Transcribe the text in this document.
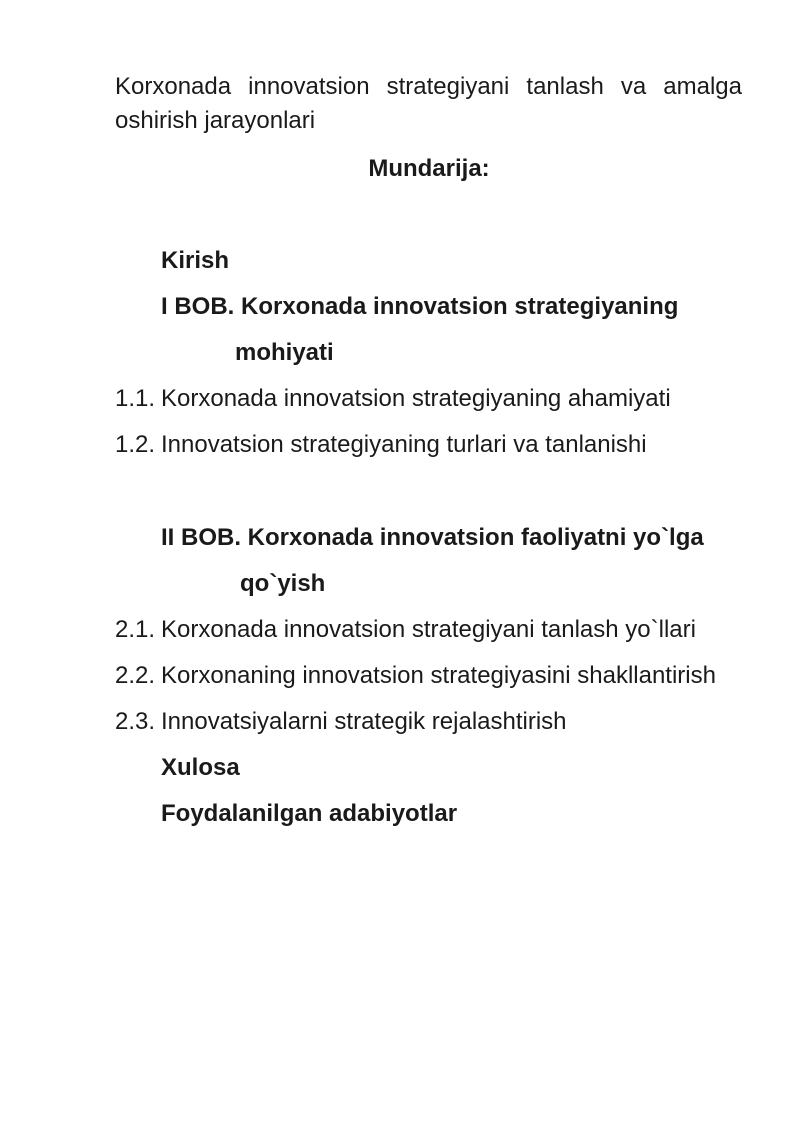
Korxonada innovatsion strategiyani tanlash va amalga oshirish jarayonlari

Mundarija:

Kirish

I BOB. Korxonada innovatsion strategiyaning

mohiyati

1.1. Korxonada innovatsion strategiyaning ahamiyati

1.2. Innovatsion strategiyaning turlari va tanlanishi

II BOB. Korxonada innovatsion faoliyatni yo`lga

qo`yish

2.1. Korxonada innovatsion strategiyani tanlash yo`llari

2.2. Korxonaning innovatsion strategiyasini shakllantirish

2.3. Innovatsiyalarni strategik rejalashtirish

Xulosa

Foydalanilgan adabiyotlar
